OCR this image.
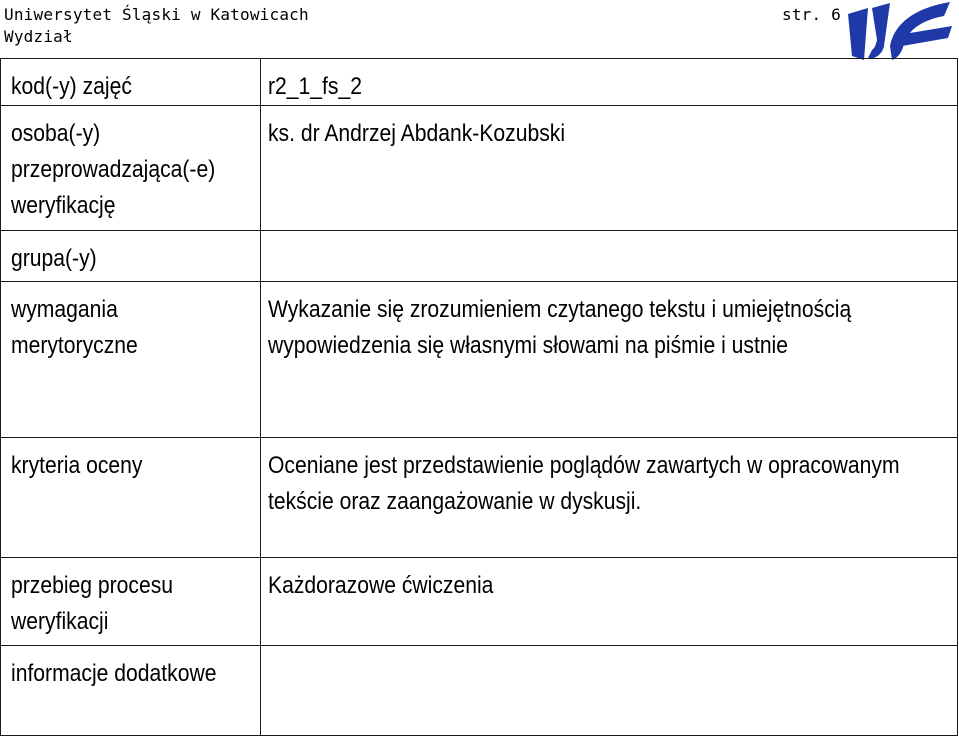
Uniwersytet Śląski w Katowicach
Wydział
str. 6
kod(-y) zajęć	r2_1_fs_2

osoba(-y) przeprowadzająca(-e) weryfikację	ks. dr Andrzej Abdank-Kozubski
grupa(-y)	

wymagania merytoryczne	Wykazanie się zrozumieniem czytanego tekstu i umiejętnością wypowiedzenia się własnymi słowami na piśmie i ustnie

kryteria oceny	Oceniane jest przedstawienie poglądów zawartych w opracowanym tekście oraz zaangażowanie w dyskusji.

przebieg procesu weryfikacji	Każdorazowe ćwiczenia

informacje dodatkowe	
